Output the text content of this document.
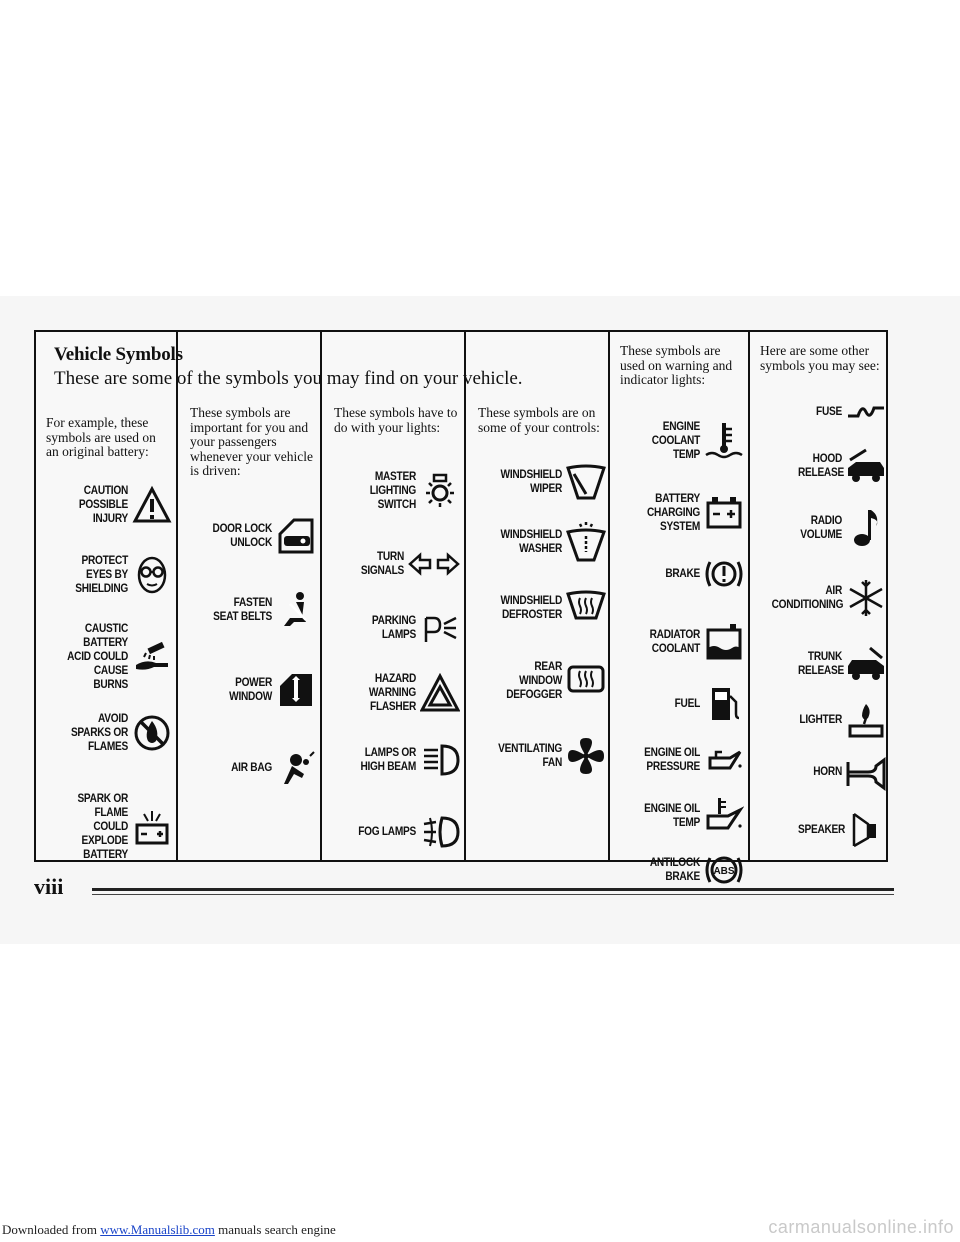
Vehicle Symbols

These are some of the symbols you may find on your vehicle.

For example, these symbols are used on an original battery:
CAUTION POSSIBLE INJURY
PROTECT EYES BY SHIELDING
CAUSTIC BATTERY ACID COULD CAUSE BURNS
AVOID SPARKS OR FLAMES
SPARK OR FLAME COULD EXPLODE BATTERY
These symbols are important for you and your passengers whenever your vehicle is driven:
DOOR LOCK UNLOCK
FASTEN SEAT BELTS
POWER WINDOW
AIR BAG
These symbols have to do with your lights:
MASTER LIGHTING SWITCH
TURN SIGNALS
PARKING LAMPS
HAZARD WARNING FLASHER
LAMPS OR HIGH BEAM
FOG LAMPS
These symbols are on some of your controls:
WINDSHIELD WIPER
WINDSHIELD WASHER
WINDSHIELD DEFROSTER
REAR WINDOW DEFOGGER
VENTILATING FAN
These symbols are used on warning and indicator lights:
ENGINE COOLANT TEMP
BATTERY CHARGING SYSTEM
BRAKE
RADIATOR COOLANT
FUEL
ENGINE OIL PRESSURE
ENGINE OIL TEMP
ANTILOCK BRAKE ABS
Here are some other symbols you may see:
FUSE
HOOD RELEASE
RADIO VOLUME
AIR CONDITIONING
TRUNK RELEASE
LIGHTER
HORN
SPEAKER
viii
Downloaded from www.Manualslib.com manuals search engine	carmanualsonline.info
